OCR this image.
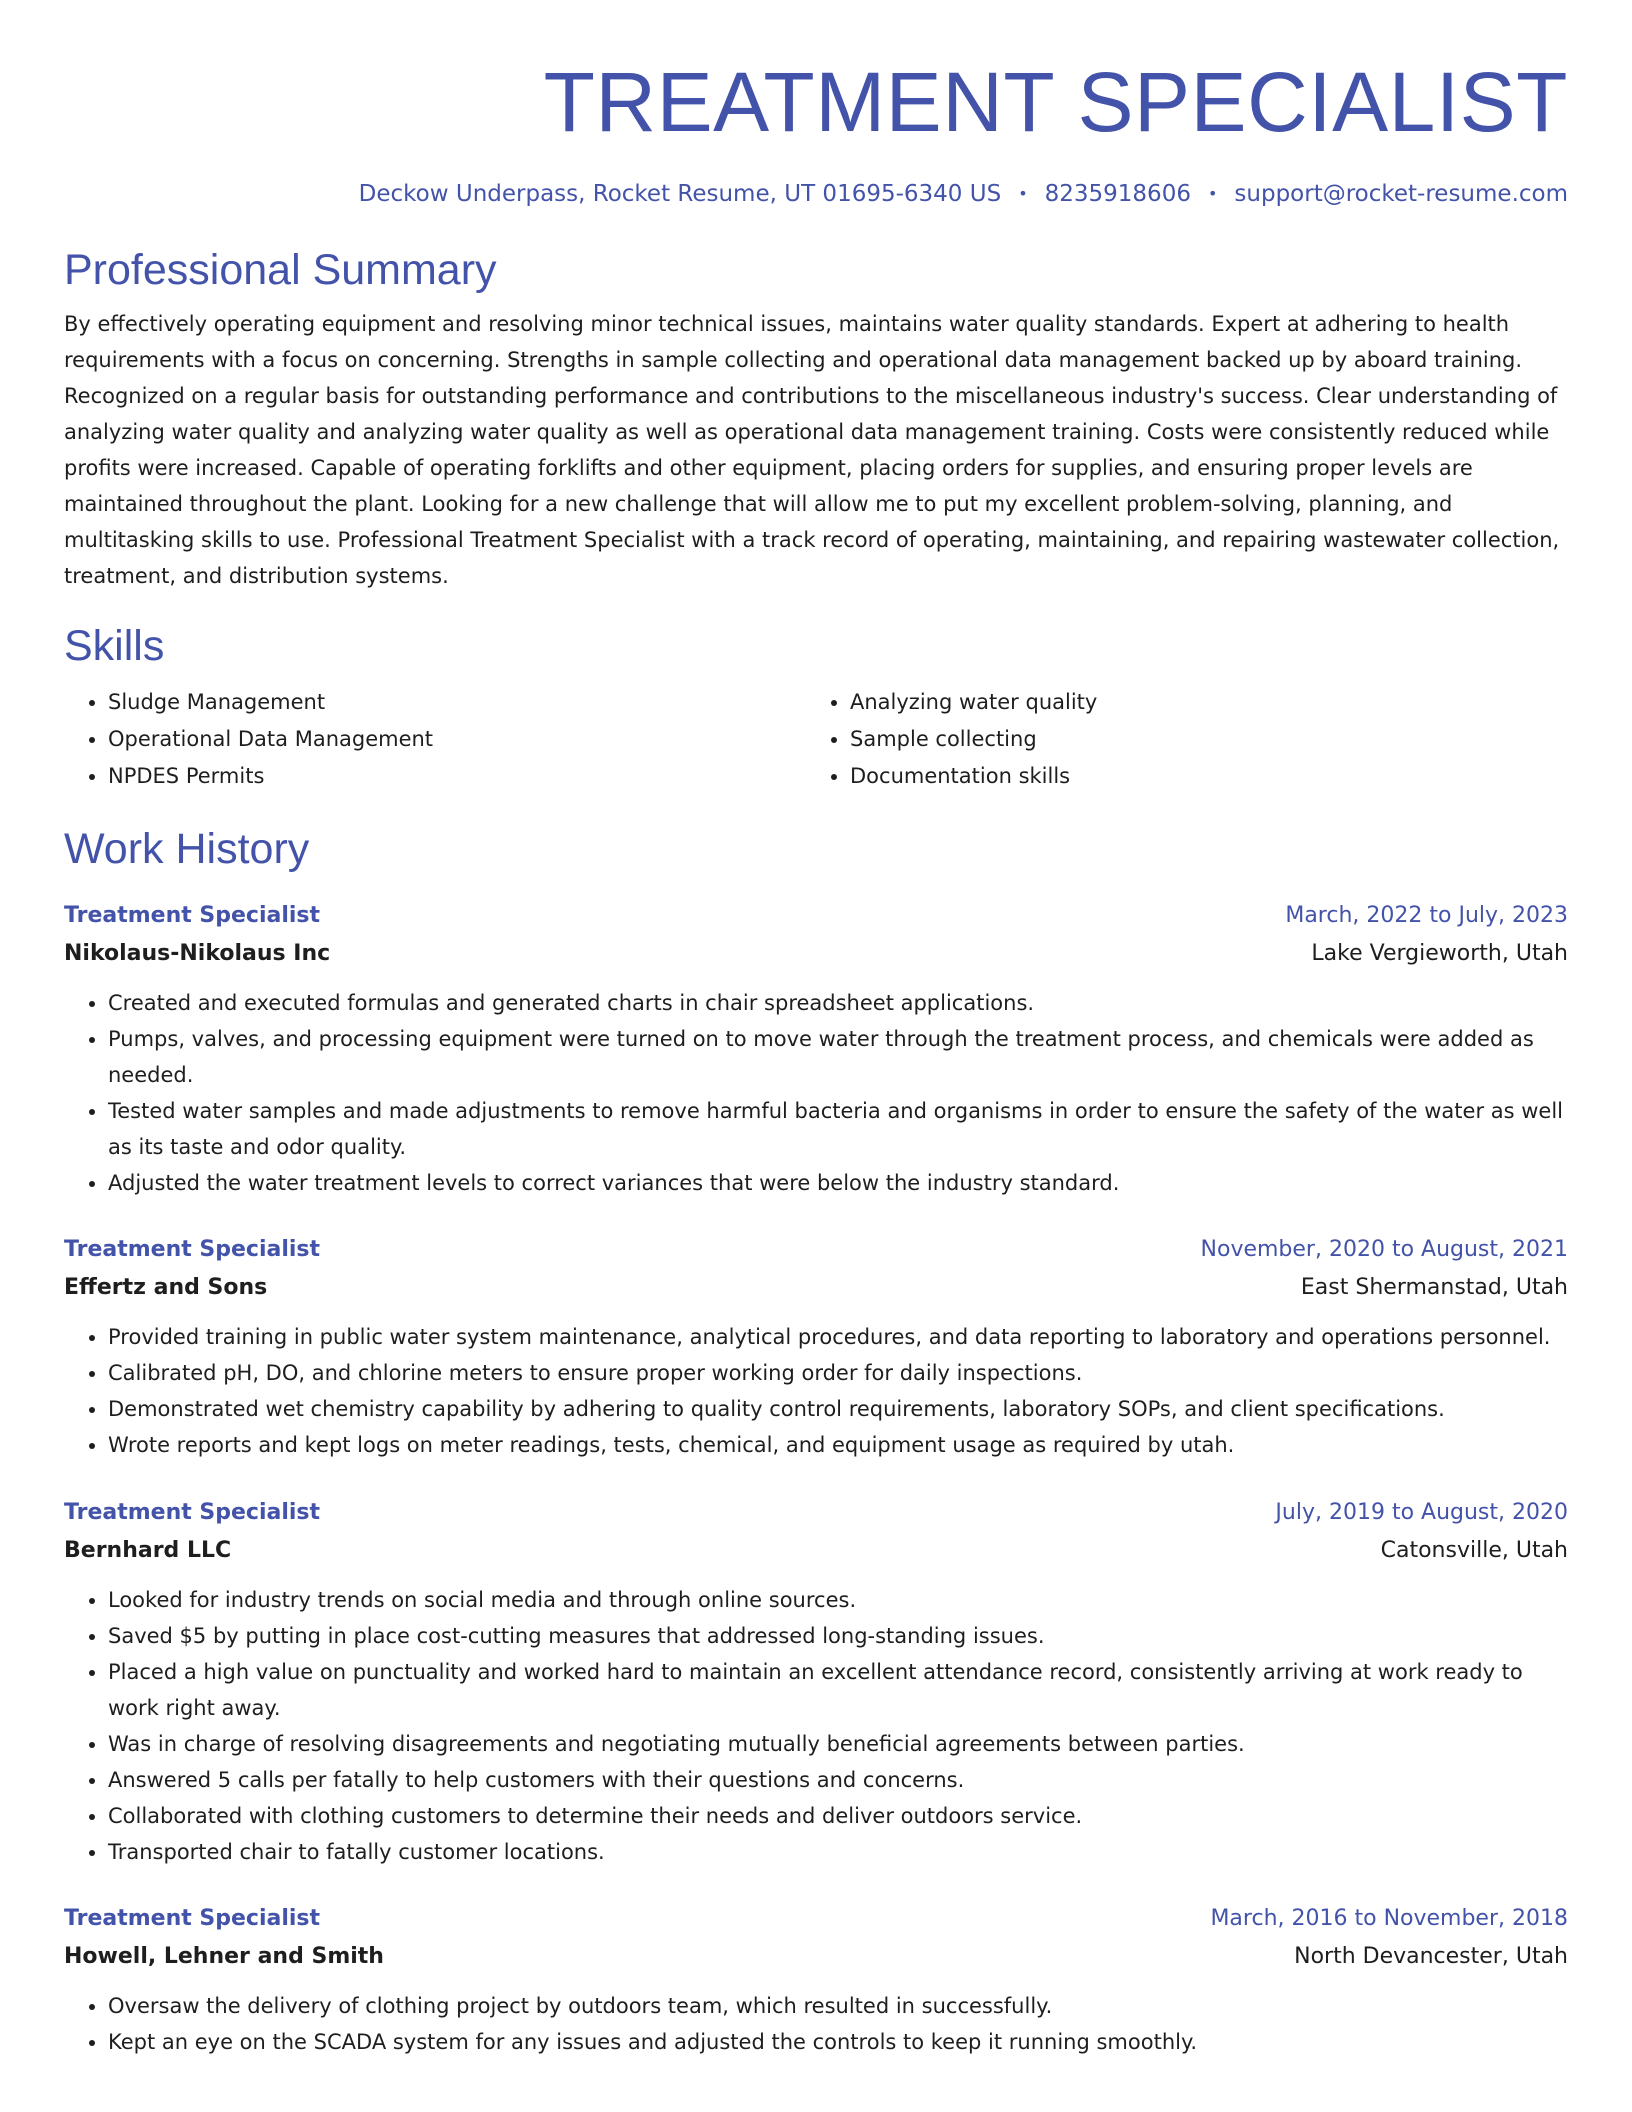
TREATMENT SPECIALIST
Deckow Underpass, Rocket Resume, UT 01695-6340 US • 8235918606 • support@rocket-resume.com
Professional Summary
By effectively operating equipment and resolving minor technical issues, maintains water quality standards. Expert at adhering to health requirements with a focus on concerning. Strengths in sample collecting and operational data management backed up by aboard training. Recognized on a regular basis for outstanding performance and contributions to the miscellaneous industry's success. Clear understanding of analyzing water quality and analyzing water quality as well as operational data management training. Costs were consistently reduced while profits were increased. Capable of operating forklifts and other equipment, placing orders for supplies, and ensuring proper levels are maintained throughout the plant. Looking for a new challenge that will allow me to put my excellent problem-solving, planning, and multitasking skills to use. Professional Treatment Specialist with a track record of operating, maintaining, and repairing wastewater collection, treatment, and distribution systems.
Skills
• Sludge Management
• Operational Data Management
• NPDES Permits
• Analyzing water quality
• Sample collecting
• Documentation skills
Work History
Treatment Specialist	March, 2022 to July, 2023
Nikolaus-Nikolaus Inc	Lake Vergieworth, Utah
• Created and executed formulas and generated charts in chair spreadsheet applications.
• Pumps, valves, and processing equipment were turned on to move water through the treatment process, and chemicals were added as needed.
• Tested water samples and made adjustments to remove harmful bacteria and organisms in order to ensure the safety of the water as well as its taste and odor quality.
• Adjusted the water treatment levels to correct variances that were below the industry standard.
Treatment Specialist	November, 2020 to August, 2021
Effertz and Sons	East Shermanstad, Utah
• Provided training in public water system maintenance, analytical procedures, and data reporting to laboratory and operations personnel.
• Calibrated pH, DO, and chlorine meters to ensure proper working order for daily inspections.
• Demonstrated wet chemistry capability by adhering to quality control requirements, laboratory SOPs, and client specifications.
• Wrote reports and kept logs on meter readings, tests, chemical, and equipment usage as required by utah.
Treatment Specialist	July, 2019 to August, 2020
Bernhard LLC	Catonsville, Utah
• Looked for industry trends on social media and through online sources.
• Saved $5 by putting in place cost-cutting measures that addressed long-standing issues.
• Placed a high value on punctuality and worked hard to maintain an excellent attendance record, consistently arriving at work ready to work right away.
• Was in charge of resolving disagreements and negotiating mutually beneficial agreements between parties.
• Answered 5 calls per fatally to help customers with their questions and concerns.
• Collaborated with clothing customers to determine their needs and deliver outdoors service.
• Transported chair to fatally customer locations.
Treatment Specialist	March, 2016 to November, 2018
Howell, Lehner and Smith	North Devancester, Utah
• Oversaw the delivery of clothing project by outdoors team, which resulted in successfully.
• Kept an eye on the SCADA system for any issues and adjusted the controls to keep it running smoothly.
